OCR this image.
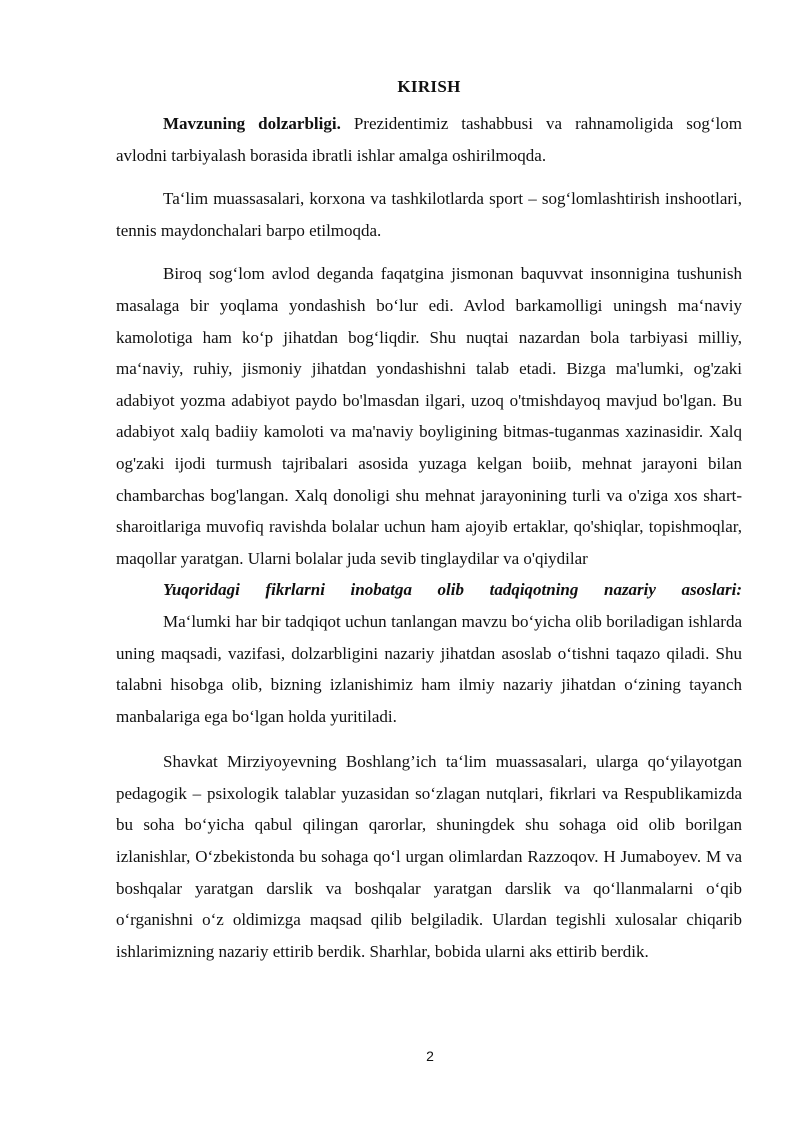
KIRISH

Mavzuning dolzarbligi. Prezidentimiz tashabbusi va rahnamoligida sog‘lom avlodni tarbiyalash borasida ibratli ishlar amalga oshirilmoqda.

Ta‘lim muassasalari, korxona va tashkilotlarda sport – sog‘lomlashtirish inshootlari, tennis maydonchalari barpo etilmoqda.

Biroq sog‘lom avlod deganda faqatgina jismonan baquvvat insonnigina tushunish masalaga bir yoqlama yondashish bo‘lur edi. Avlod barkamolligi uningsh ma‘naviy kamolotiga ham ko‘p jihatdan bog‘liqdir. Shu nuqtai nazardan bola tarbiyasi milliy, ma‘naviy, ruhiy, jismoniy jihatdan yondashishni talab etadi. Bizga ma'lumki, og'zaki adabiyot yozma adabiyot paydo bo'lmasdan ilgari, uzoq o'tmishdayoq mavjud bo'lgan. Bu adabiyot xalq badiiy kamoloti va ma'naviy boyligining bitmas-tuganmas xazinasidir. Xalq og'zaki ijodi turmush tajribalari asosida yuzaga kelgan boiib, mehnat jarayoni bilan chambarchas bog'langan. Xalq donoligi shu mehnat jarayonining turli va o'ziga xos shart-sharoitlariga muvofiq ravishda bolalar uchun ham ajoyib ertaklar, qo'shiqlar, topishmoqlar, maqollar yaratgan. Ularni bolalar juda sevib tinglaydilar va o'qiydilar

Yuqoridagi fikrlarni inobatga olib tadqiqotning nazariy asoslari:

Ma‘lumki har bir tadqiqot uchun tanlangan mavzu bo‘yicha olib boriladigan ishlarda uning maqsadi, vazifasi, dolzarbligini nazariy jihatdan asoslab o‘tishni taqazo qiladi. Shu talabni hisobga olib, bizning izlanishimiz ham ilmiy nazariy jihatdan o‘zining tayanch manbalariga ega bo‘lgan holda yuritiladi.

Shavkat Mirziyoyevning Boshlang’ich ta‘lim muassasalari, ularga qo‘yilayotgan pedagogik – psixologik talablar yuzasidan so‘zlagan nutqlari, fikrlari va Respublikamizda bu soha bo‘yicha qabul qilingan qarorlar, shuningdek shu sohaga oid olib borilgan izlanishlar, O‘zbekistonda bu sohaga qo‘l urgan olimlardan Razzoqov. H Jumaboyev. M va boshqalar yaratgan darslik va boshqalar yaratgan darslik va qo‘llanmalarni o‘qib o‘rganishni o‘z oldimizga maqsad qilib belgiladik. Ulardan tegishli xulosalar chiqarib ishlarimizning nazariy ettirib berdik. Sharhlar, bobida ularni aks ettirib berdik.

2
